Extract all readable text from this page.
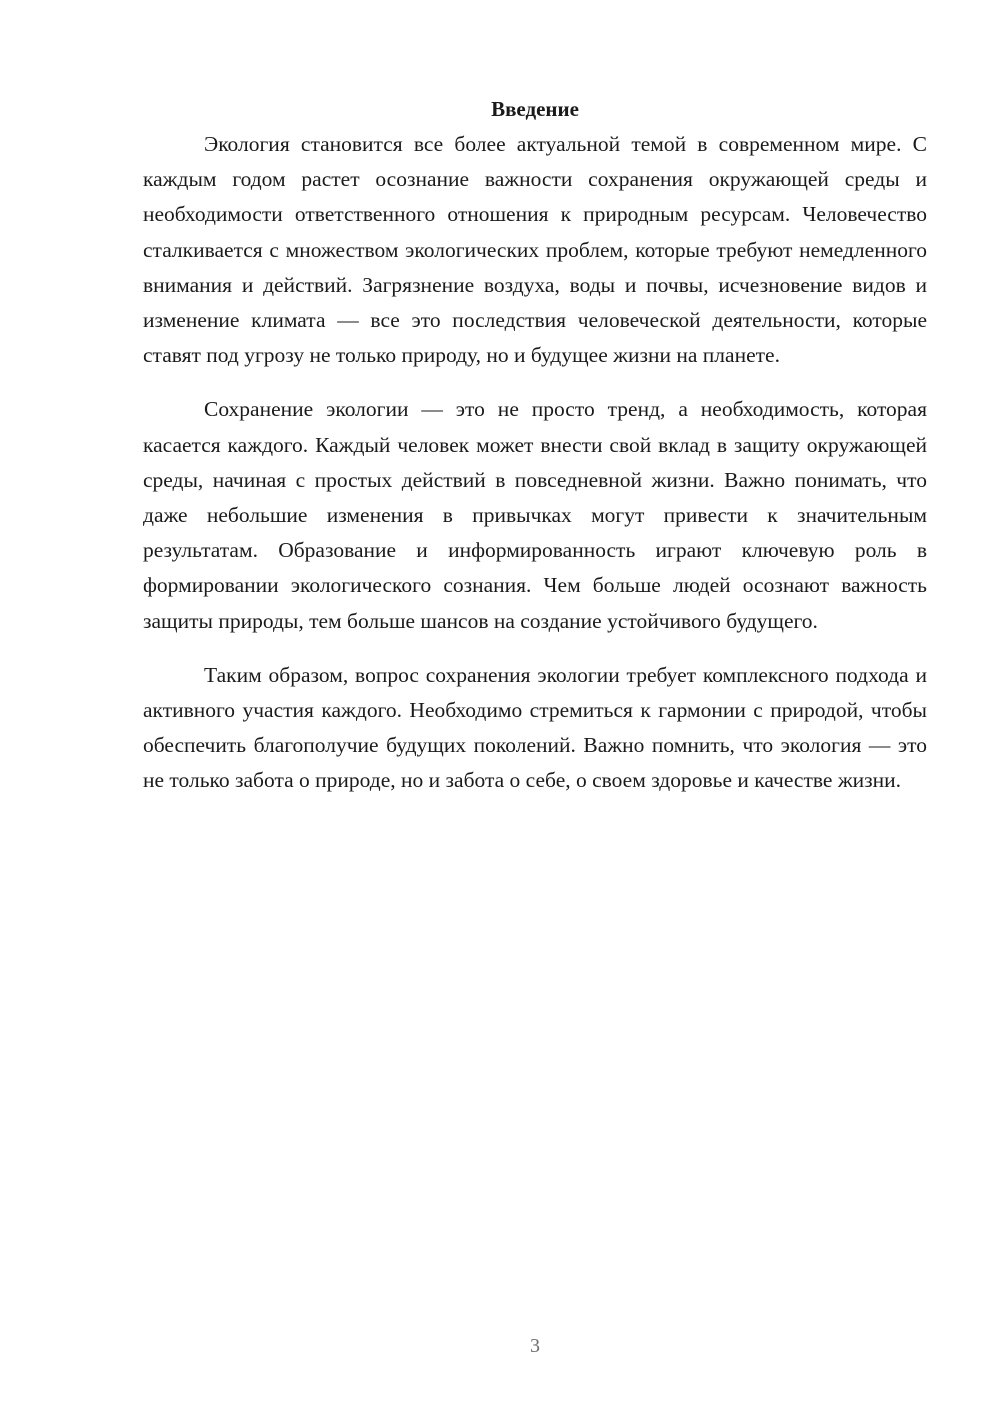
Введение

Экология становится все более актуальной темой в современном мире. С каждым годом растет осознание важности сохранения окружающей среды и необходимости ответственного отношения к природным ресурсам. Человечество сталкивается с множеством экологических проблем, которые требуют немедленного внимания и действий. Загрязнение воздуха, воды и почвы, исчезновение видов и изменение климата — все это последствия человеческой деятельности, которые ставят под угрозу не только природу, но и будущее жизни на планете.

Сохранение экологии — это не просто тренд, а необходимость, которая касается каждого. Каждый человек может внести свой вклад в защиту окружающей среды, начиная с простых действий в повседневной жизни. Важно понимать, что даже небольшие изменения в привычках могут привести к значительным результатам. Образование и информированность играют ключевую роль в формировании экологического сознания. Чем больше людей осознают важность защиты природы, тем больше шансов на создание устойчивого будущего.

Таким образом, вопрос сохранения экологии требует комплексного подхода и активного участия каждого. Необходимо стремиться к гармонии с природой, чтобы обеспечить благополучие будущих поколений. Важно помнить, что экология — это не только забота о природе, но и забота о себе, о своем здоровье и качестве жизни.

3
